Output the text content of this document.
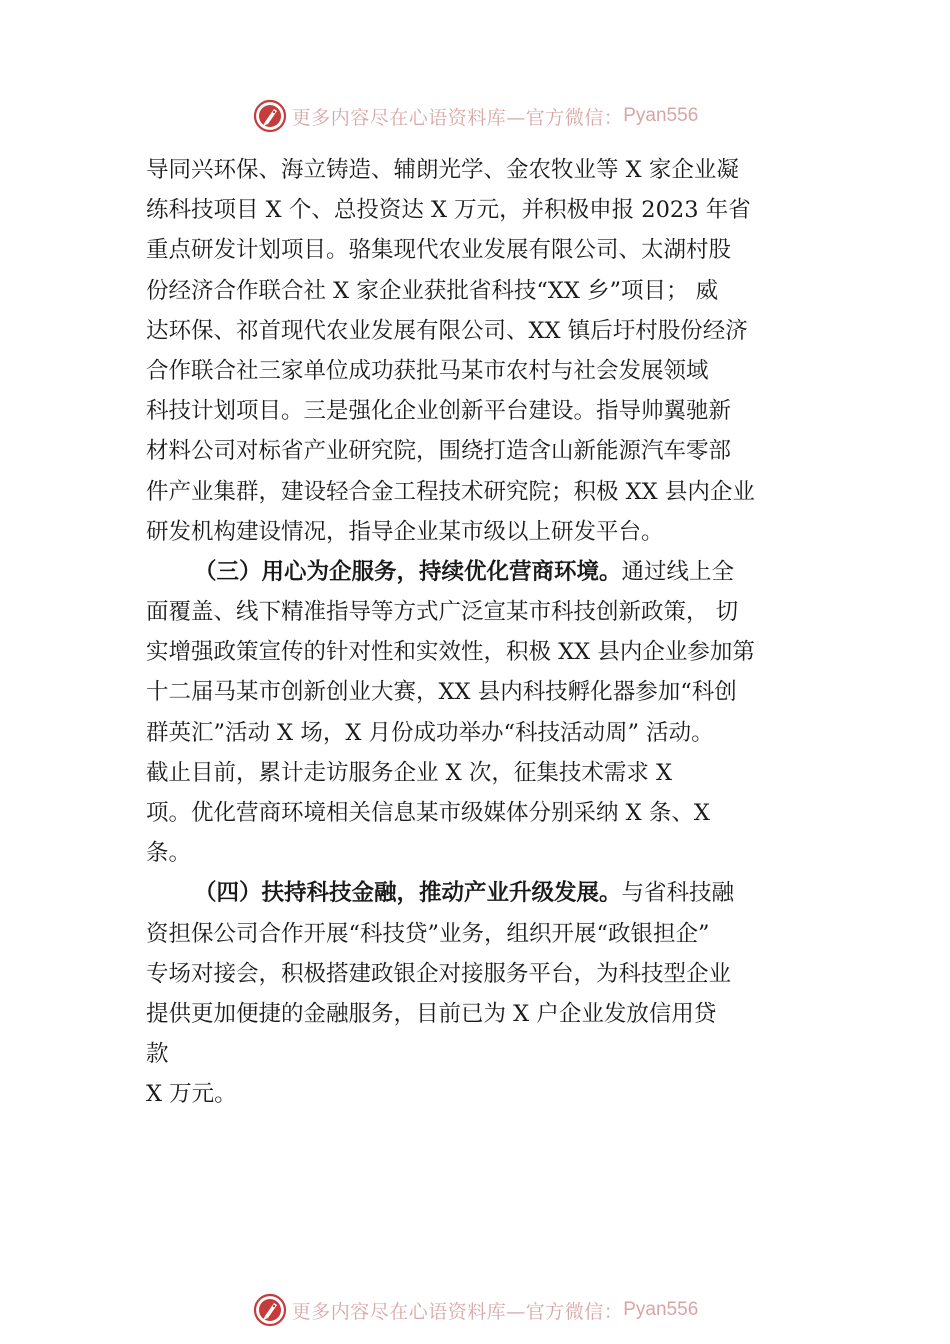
更多内容尽在心语资料库—官方微信： Pyan556
导同兴环保、海立铸造、辅朗光学、金农牧业等 X 家企业凝
练科技项目 X 个、总投资达 X 万元，并积极申报 2023 年省
重点研发计划项目。骆集现代农业发展有限公司、太湖村股
份经济合作联合社 X 家企业获批省科技“XX 乡”项目； 威
达环保、祁首现代农业发展有限公司、XX 镇后圩村股份经济
合作联合社三家单位成功获批马某市农村与社会发展领域
科技计划项目。三是强化企业创新平台建设。指导帅翼驰新
材料公司对标省产业研究院，围绕打造含山新能源汽车零部
件产业集群，建设轻合金工程技术研究院；积极 XX 县内企业
研发机构建设情况，指导企业某市级以上研发平台。
（三）用心为企服务，持续优化营商环境。通过线上全
面覆盖、线下精准指导等方式广泛宣某市科技创新政策， 切
实增强政策宣传的针对性和实效性，积极 XX 县内企业参加第
十二届马某市创新创业大赛，XX 县内科技孵化器参加“科创
群英汇”活动 X 场，X 月份成功举办“科技活动周” 活动。
截止目前，累计走访服务企业 X 次，征集技术需求 X
项。优化营商环境相关信息某市级媒体分别采纳 X 条、X
条。
（四）扶持科技金融，推动产业升级发展。与省科技融
资担保公司合作开展“科技贷”业务，组织开展“政银担企”
专场对接会，积极搭建政银企对接服务平台，为科技型企业
提供更加便捷的金融服务，目前已为 X 户企业发放信用贷
款
X 万元。
更多内容尽在心语资料库—官方微信： Pyan556
